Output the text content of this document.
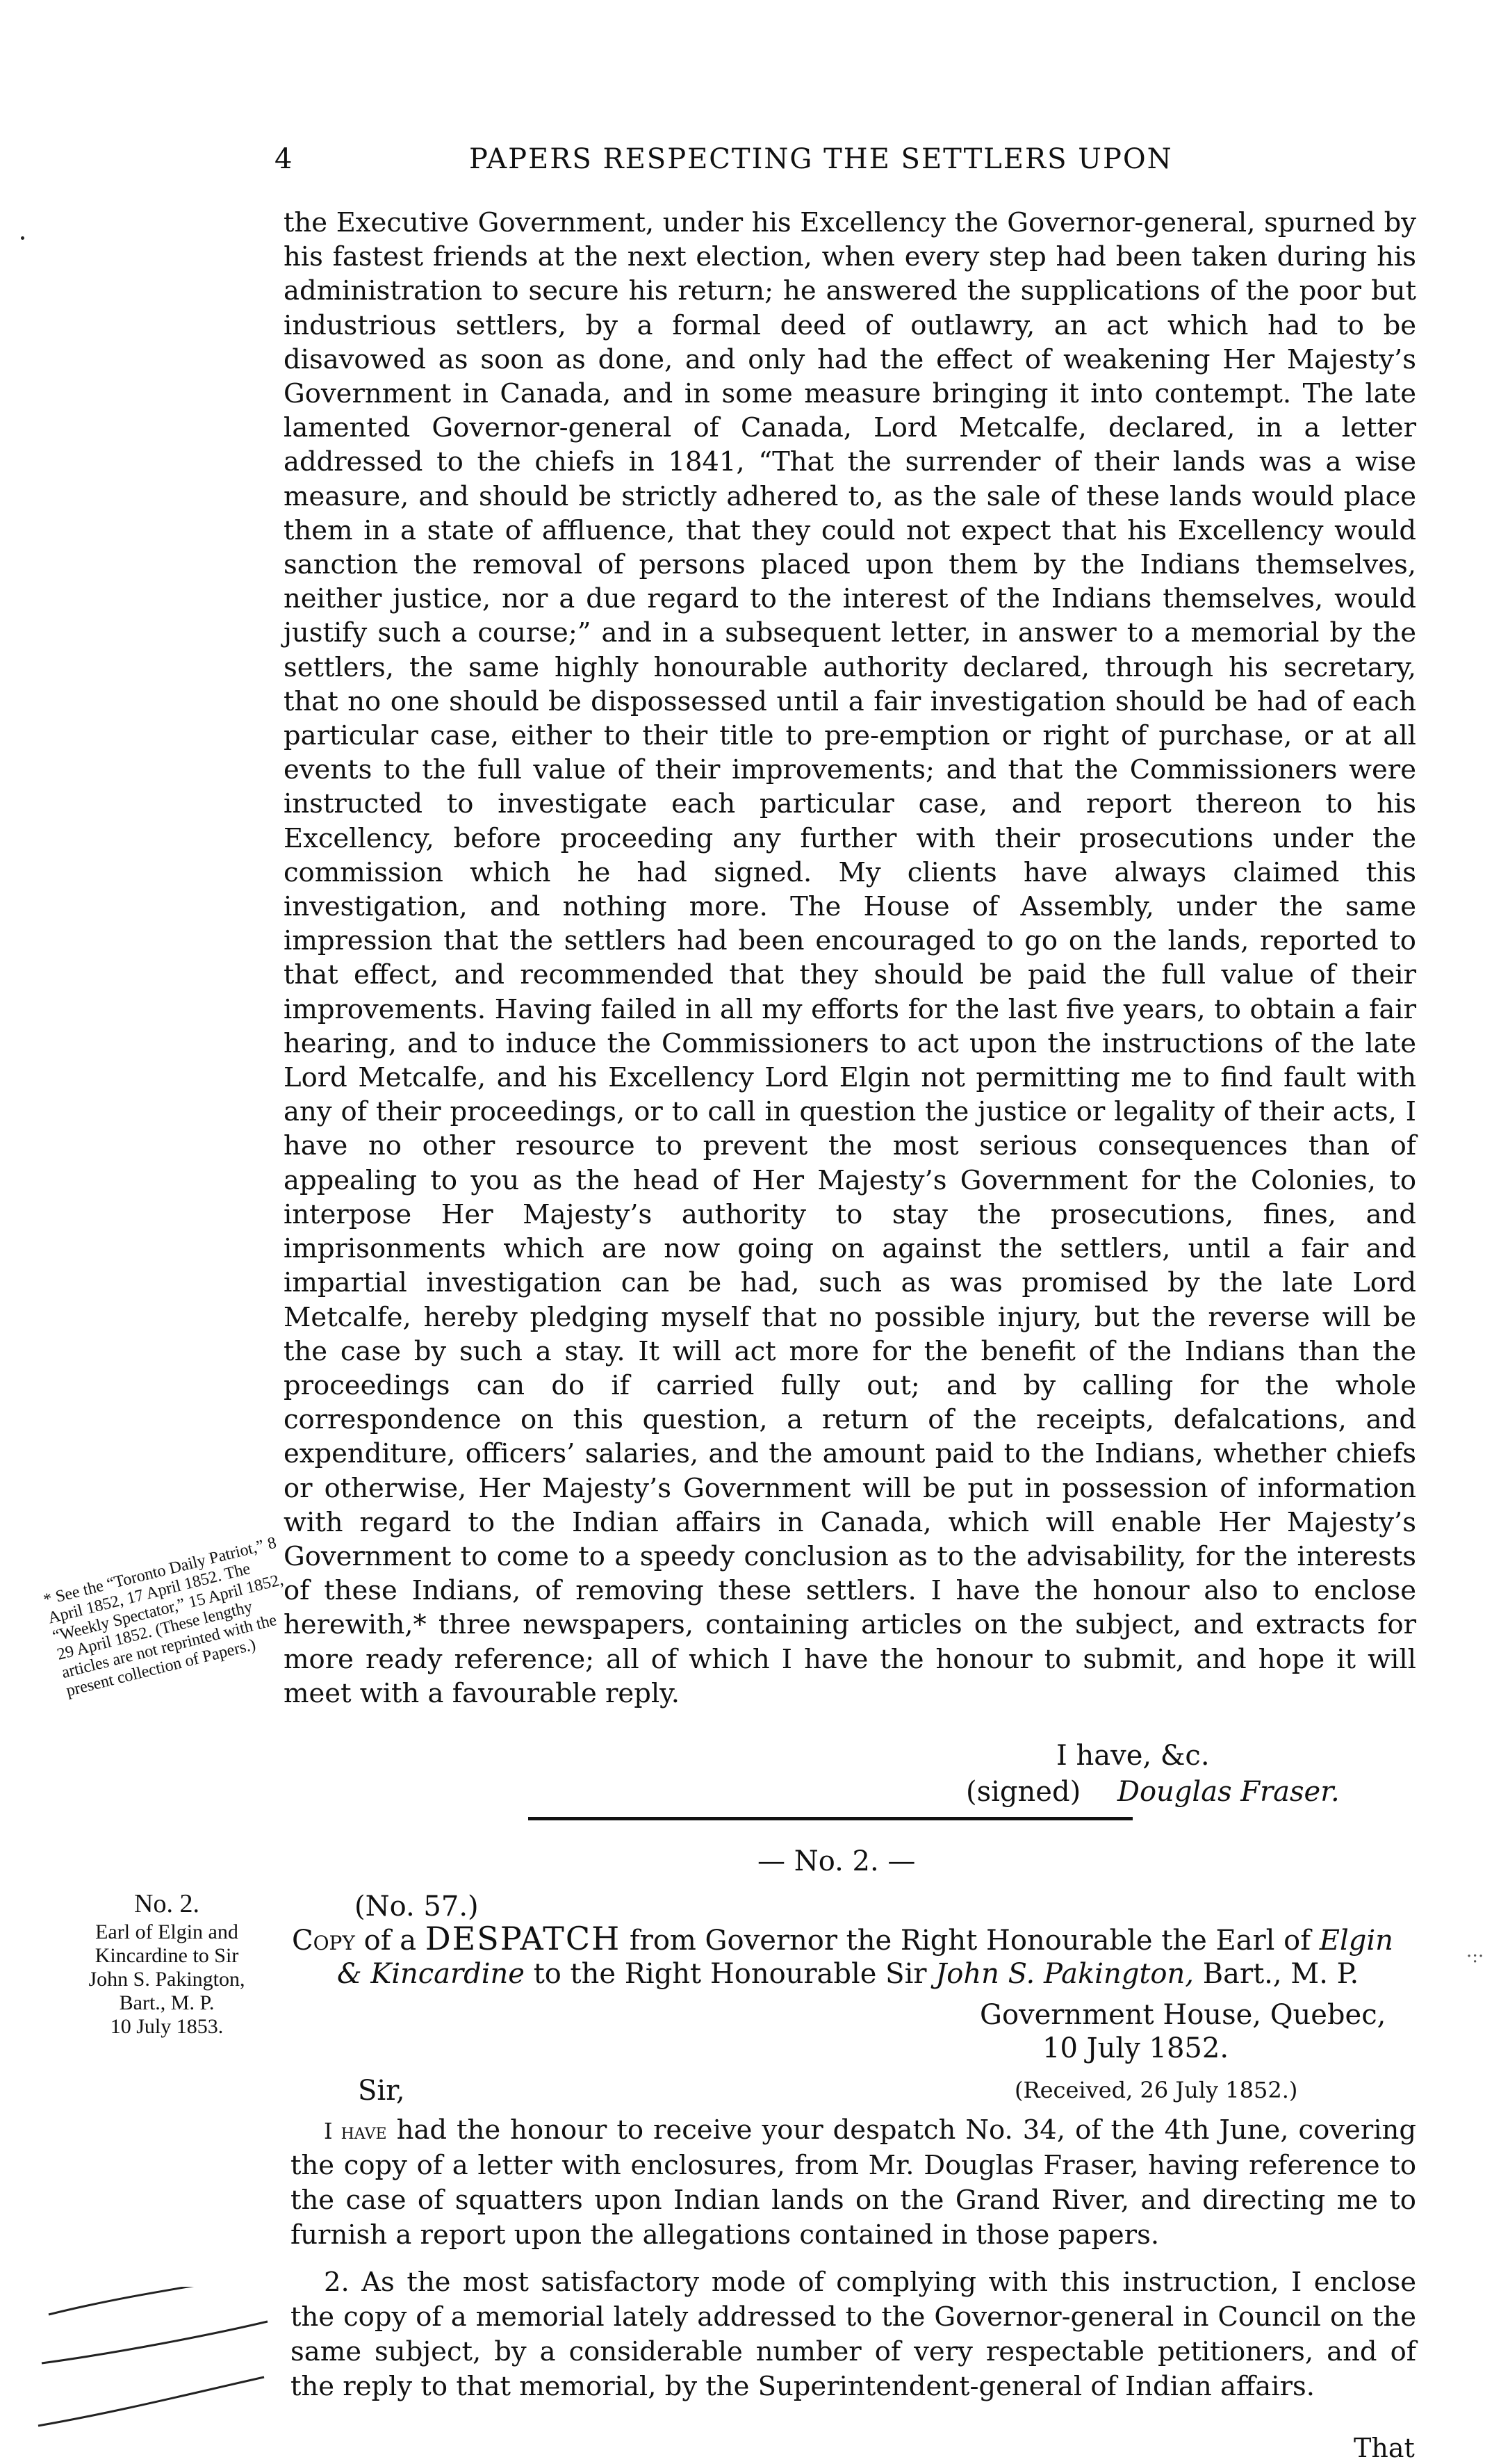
4	PAPERS RESPECTING THE SETTLERS UPON

the Executive Government, under his Excellency the Governor-general, spurned by his fastest friends at the next election, when every step had been taken during his administration to secure his return; he answered the supplications of the poor but industrious settlers, by a formal deed of outlawry, an act which had to be disavowed as soon as done, and only had the effect of weakening Her Majesty’s Government in Canada, and in some measure bringing it into contempt. The late lamented Governor-general of Canada, Lord Metcalfe, declared, in a letter addressed to the chiefs in 1841, “That the surrender of their lands was a wise measure, and should be strictly adhered to, as the sale of these lands would place them in a state of affluence, that they could not expect that his Excellency would sanction the removal of persons placed upon them by the Indians themselves, neither justice, nor a due regard to the interest of the Indians themselves, would justify such a course;” and in a subsequent letter, in answer to a memorial by the settlers, the same highly honourable authority declared, through his secretary, that no one should be dispossessed until a fair investigation should be had of each particular case, either to their title to pre-emption or right of purchase, or at all events to the full value of their improvements; and that the Commissioners were instructed to investigate each particular case, and report thereon to his Excellency, before proceeding any further with their prosecutions under the commission which he had signed. My clients have always claimed this investigation, and nothing more. The House of Assembly, under the same impression that the settlers had been encouraged to go on the lands, reported to that effect, and recommended that they should be paid the full value of their improvements. Having failed in all my efforts for the last five years, to obtain a fair hearing, and to induce the Commissioners to act upon the instructions of the late Lord Metcalfe, and his Excellency Lord Elgin not permitting me to find fault with any of their proceedings, or to call in question the justice or legality of their acts, I have no other resource to prevent the most serious consequences than of appealing to you as the head of Her Majesty’s Government for the Colonies, to interpose Her Majesty’s authority to stay the prosecutions, fines, and imprisonments which are now going on against the settlers, until a fair and impartial investigation can be had, such as was promised by the late Lord Metcalfe, hereby pledging myself that no possible injury, but the reverse will be the case by such a stay. It will act more for the benefit of the Indians than the proceedings can do if carried fully out; and by calling for the whole correspondence on this question, a return of the receipts, defalcations, and expenditure, officers’ salaries, and the amount paid to the Indians, whether chiefs or otherwise, Her Majesty’s Government will be put in possession of information with regard to the Indian affairs in Canada, which will enable Her Majesty’s Government to come to a speedy conclusion as to the advisability, for the interests of these Indians, of removing these settlers. I have the honour also to enclose herewith,* three newspapers, containing articles on the subject, and extracts for more ready reference; all of which I have the honour to submit, and hope it will meet with a favourable reply.

* See the “Toronto Daily Patriot,” 8 April 1852, 17 April 1852. The “Weekly Spectator,” 15 April 1852, 29 April 1852. (These lengthy articles are not reprinted with the present collection of Papers.)
I have, &c.
(signed) Douglas Fraser.
— No. 2. —
No. 2.
Earl of Elgin and
Kincardine to Sir
John S. Pakington,
Bart., M. P.
10 July 1853.
(No. 57.)
Copy of a DESPATCH from Governor the Right Honourable the Earl of Elgin
& Kincardine to the Right Honourable Sir John S. Pakington, Bart., M. P.
Government House, Quebec,
10 July 1852.
Sir,	(Received, 26 July 1852.)

I have had the honour to receive your despatch No. 34, of the 4th June, covering the copy of a letter with enclosures, from Mr. Douglas Fraser, having reference to the case of squatters upon Indian lands on the Grand River, and directing me to furnish a report upon the allegations contained in those papers.

2. As the most satisfactory mode of complying with this instruction, I enclose the copy of a memorial lately addressed to the Governor-general in Council on the same subject, by a considerable number of very respectable petitioners, and of the reply to that memorial, by the Superintendent-general of Indian affairs.

That
·:·
